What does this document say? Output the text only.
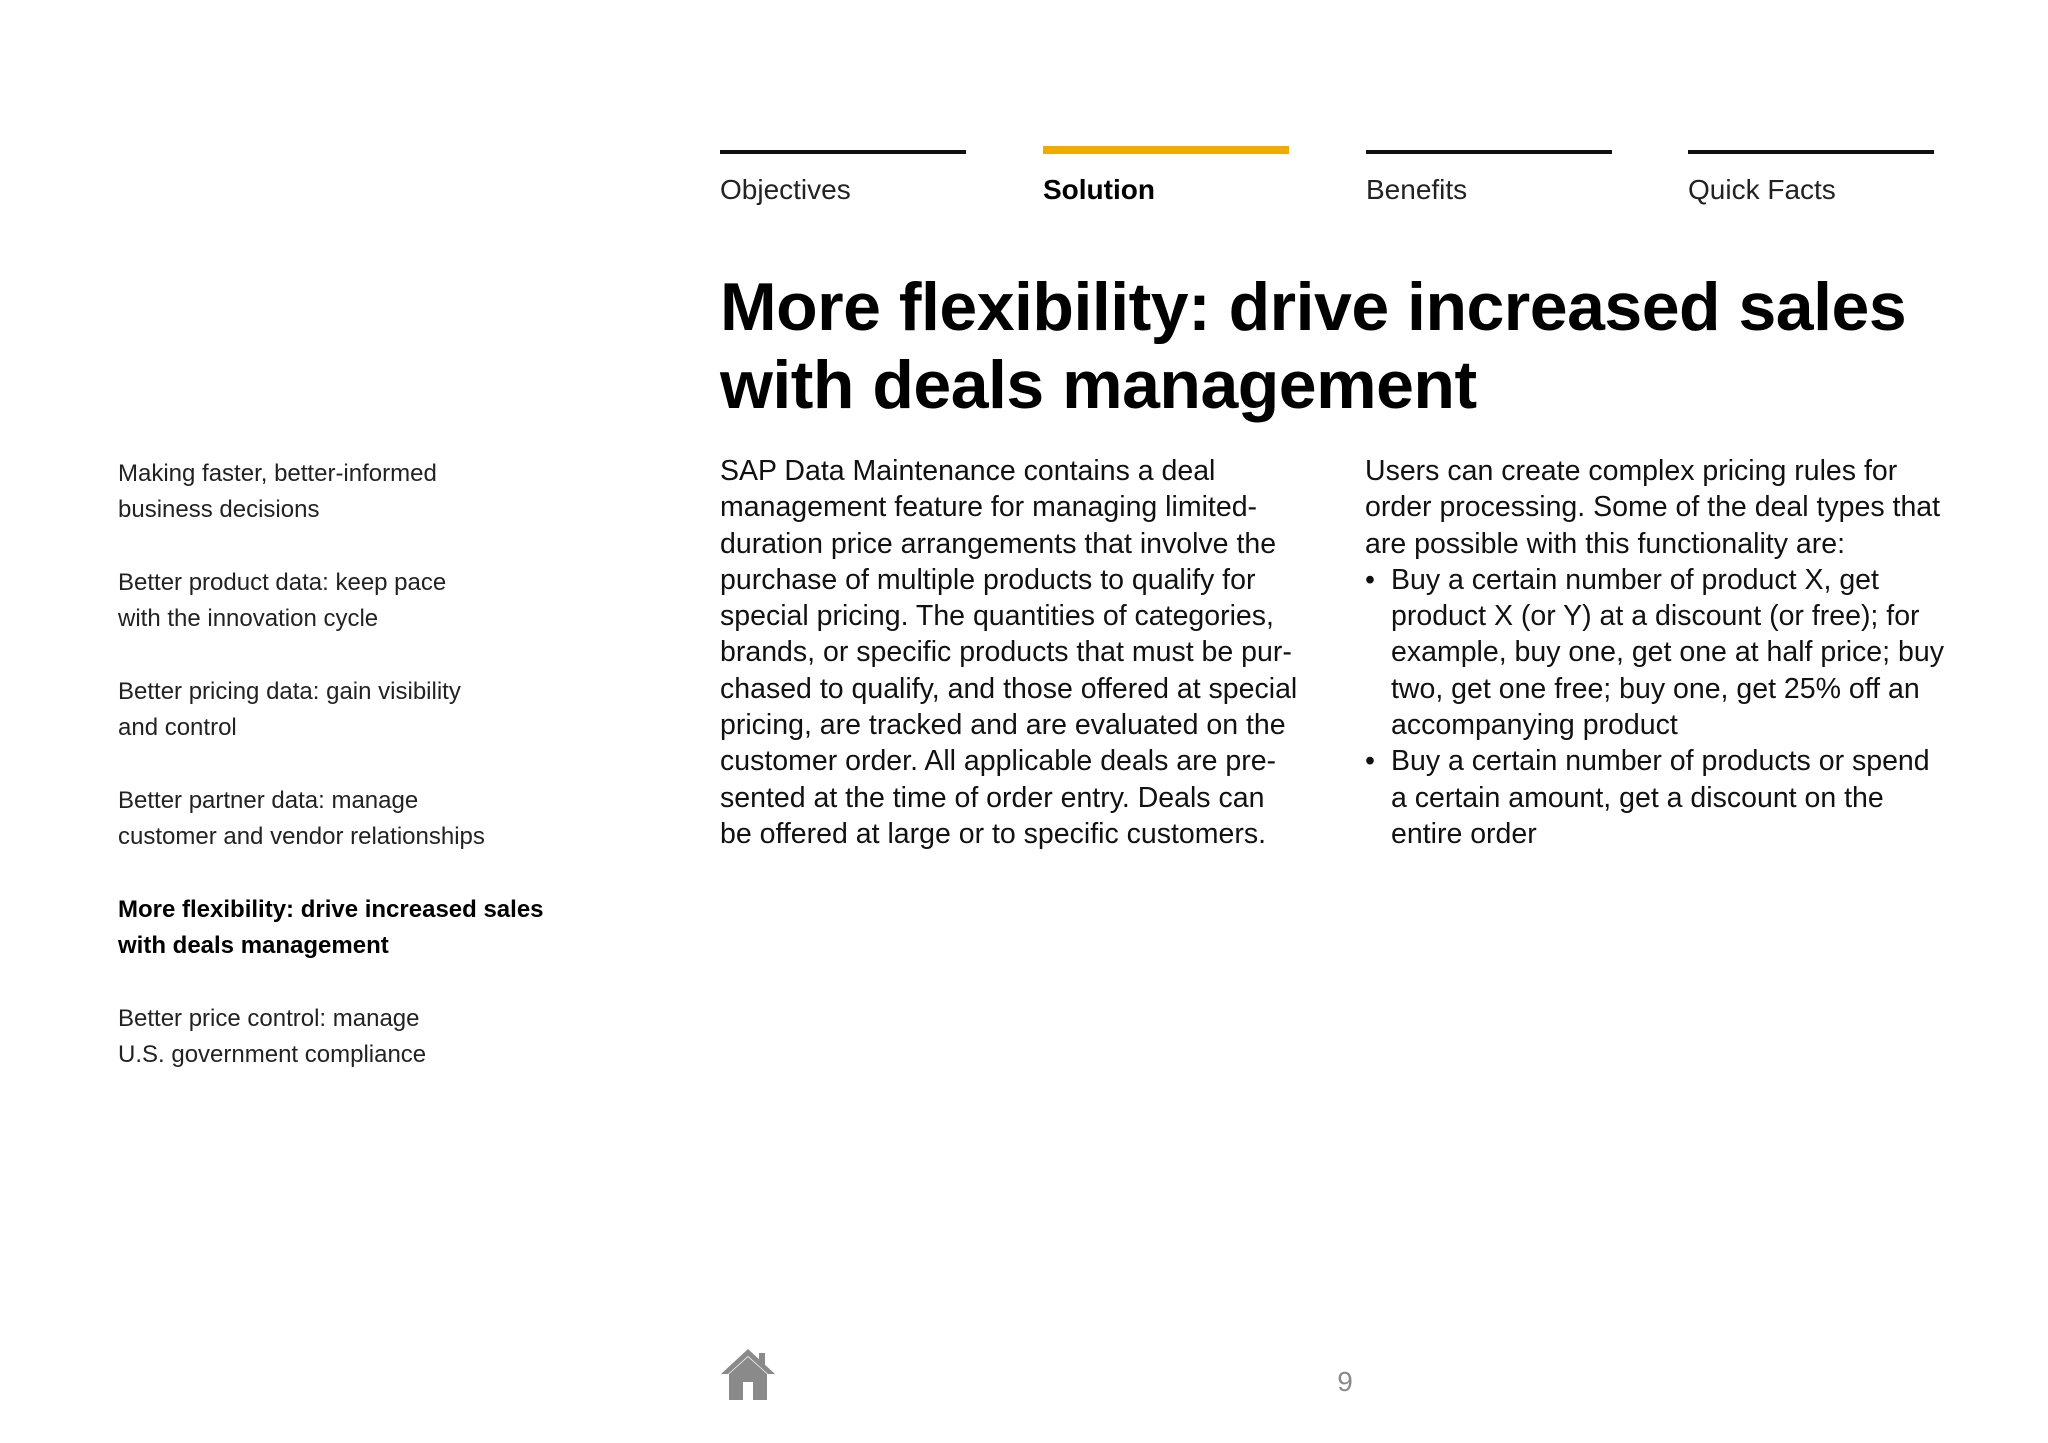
Objectives	Solution	Benefits	Quick Facts
More flexibility: drive increased sales
with deals management
Making faster, better-informed
business decisions
Better product data: keep pace
with the innovation cycle
Better pricing data: gain visibility
and control
Better partner data: manage
customer and vendor relationships
More flexibility: drive increased sales
with deals management
Better price control: manage
U.S. government compliance
SAP Data Maintenance contains a deal
management feature for managing limited-
duration price arrangements that involve the
purchase of multiple products to qualify for
special pricing. The quantities of categories,
brands, or specific products that must be pur-
chased to qualify, and those offered at special
pricing, are tracked and are evaluated on the
customer order. All applicable deals are pre-
sented at the time of order entry. Deals can
be offered at large or to specific customers.
Users can create complex pricing rules for
order processing. Some of the deal types that
are possible with this functionality are:
• Buy a certain number of product X, get
product X (or Y) at a discount (or free); for
example, buy one, get one at half price; buy
two, get one free; buy one, get 25% off an
accompanying product
• Buy a certain number of products or spend
a certain amount, get a discount on the
entire order
9
